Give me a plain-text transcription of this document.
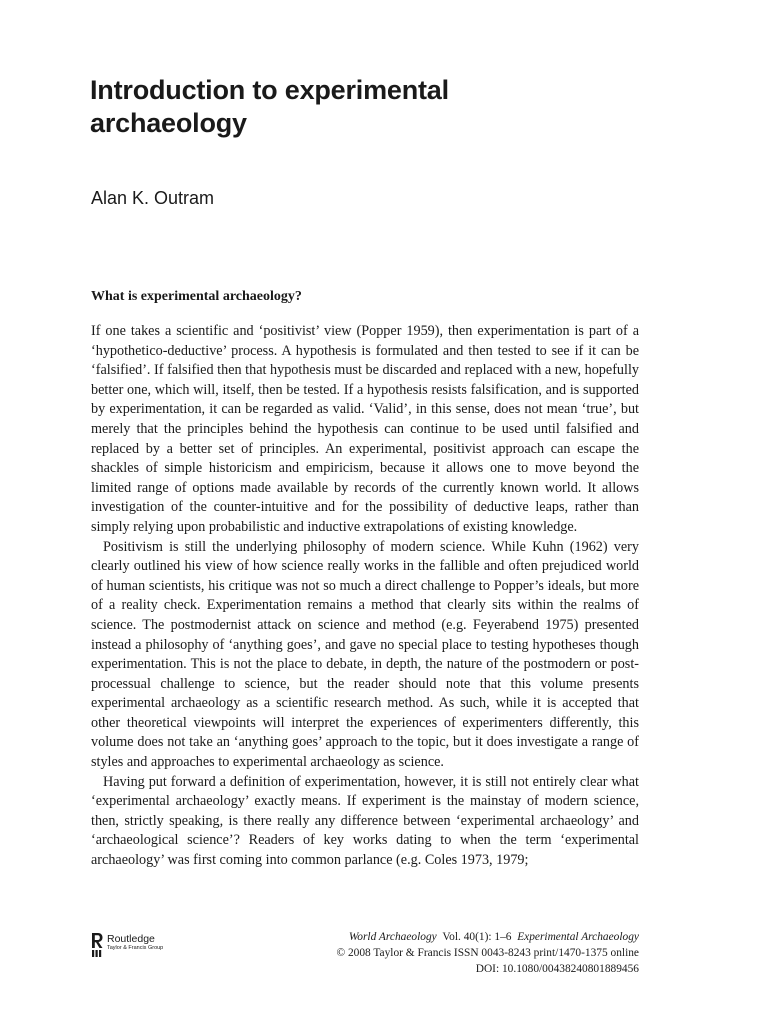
Introduction to experimental
archaeology
Alan K. Outram
What is experimental archaeology?

If one takes a scientific and ‘positivist’ view (Popper 1959), then experimentation is part of a ‘hypothetico-deductive’ process. A hypothesis is formulated and then tested to see if it can be ‘falsified’. If falsified then that hypothesis must be discarded and replaced with a new, hopefully better one, which will, itself, then be tested. If a hypothesis resists falsification, and is supported by experimentation, it can be regarded as valid. ‘Valid’, in this sense, does not mean ‘true’, but merely that the principles behind the hypothesis can continue to be used until falsified and replaced by a better set of principles. An experimental, positivist approach can escape the shackles of simple historicism and empiricism, because it allows one to move beyond the limited range of options made available by records of the currently known world. It allows investigation of the counter-intuitive and for the possibility of deductive leaps, rather than simply relying upon probabilistic and inductive extrapolations of existing knowledge.

Positivism is still the underlying philosophy of modern science. While Kuhn (1962) very clearly outlined his view of how science really works in the fallible and often prejudiced world of human scientists, his critique was not so much a direct challenge to Popper’s ideals, but more of a reality check. Experimentation remains a method that clearly sits within the realms of science. The postmodernist attack on science and method (e.g. Feyerabend 1975) presented instead a philosophy of ‘anything goes’, and gave no special place to testing hypotheses though experimentation. This is not the place to debate, in depth, the nature of the postmodern or post-processual challenge to science, but the reader should note that this volume presents experimental archaeology as a scientific research method. As such, while it is accepted that other theoretical viewpoints will interpret the experiences of experimenters differently, this volume does not take an ‘anything goes’ approach to the topic, but it does investigate a range of styles and approaches to experimental archaeology as science.

Having put forward a definition of experimentation, however, it is still not entirely clear what ‘experimental archaeology’ exactly means. If experiment is the mainstay of modern science, then, strictly speaking, is there really any difference between ‘experimental archaeology’ and ‘archaeological science’? Readers of key works dating to when the term ‘experimental archaeology’ was first coming into common parlance (e.g. Coles 1973, 1979;

Routledge
Taylor & Francis Group
World Archaeology Vol. 40(1): 1–6 Experimental Archaeology
© 2008 Taylor & Francis ISSN 0043-8243 print/1470-1375 online
DOI: 10.1080/00438240801889456
